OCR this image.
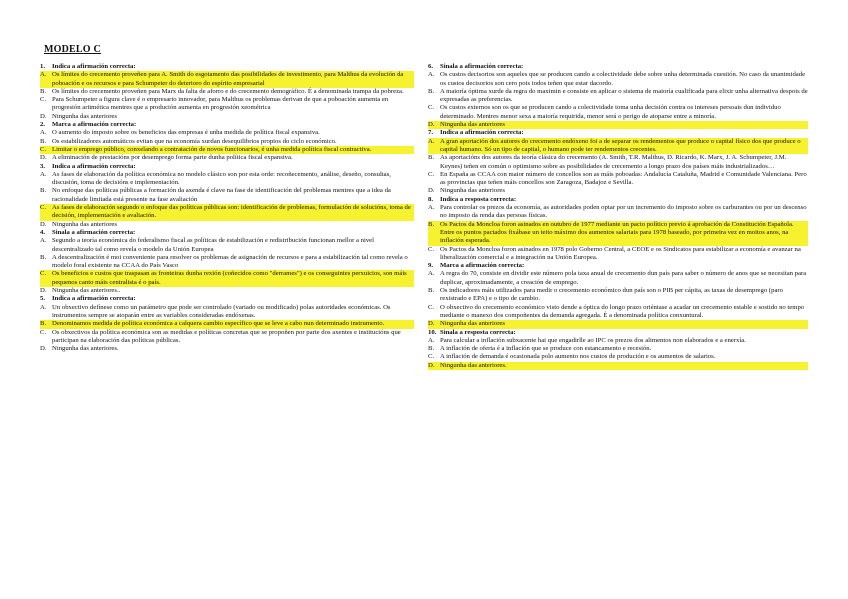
MODELO C
1.	Indica a afirmación correcta:
A. Os límites do crecemento proveñen para A. Smith do esgotamento das posibilidades de investimento, para Malthus da evolución da poboación e os recursos e para Schumpeter do deterioro do espírito empresarial
B. Os límites do crecemento proveñen para Marx da falta de aforro e do crecemento demográfico. É a denominada trampa da pobreza.
C. Para Schumpeter a figura clave é o empresario innovador, para Malthus os problemas derivan de que a poboación aumenta en progresión aritmética mentres que a produción aumenta en progresión xeométrica
D. Ningunha das anteriores
2.	Marca a afirmación correcta:
A. O aumento do imposto sobre os beneficios das empresas é unha medida de política fiscal expansiva.
B. Os estabilizadores automáticos evitan que na economía xurdan desequilibrios propios do ciclo económico.
C. Limitar o emprego público, conxelando a contratación de novos funcionarios, é unha medida política fiscal contractiva.
D. A eliminación de prestacións por desemprego forma parte dunha política fiscal expansiva.
3.	Indica a afirmación correcta:
A. As fases de elaboración da política económica no modelo clásico son por esta orde: recoñecemento, análise, deseño, consultas, discusión, toma de decisións e implementación.
B. No enfoque das políticas públicas a formación da axenda é clave na fase de identificación del problemas mentres que a idea da racionalidade limitada está presente na fase avaliación
C. As fases de elaboración segundo o enfoque das políticas públicas son: identificación de problemas, formulación de solucións, toma de decisión, implementación e avaliación.
D. Ningunha das anteriores
4.	Sinala a afirmación correcta:
A. Segundo a teoría económica do federalismo fiscal as políticas de estabilización e redistribución funcionan mellor a nivel descentralizado tal como revela o modelo da Unión Europea
B. A descentralización é moi conveniente para resolver os problemas de asignación de recursos e para a estabilización tal como revela o modelo foral existente na CCAA do País Vasco
C. Os beneficios e custos que traspasan as fronteiras dunha rexión (coñecidos como "derrames") e os conseguintes perxuicios, son máis pequenos canto máis centralista é o país.
D. Ningunha das anteriores..
5.	Indica a afirmación correcta:
A. Un obxectivo defínese como un parámetro que pode ser controlado (variado ou modificado) polas autoridades económicas. Os instrumentos sempre se atoparán entre as variables consideradas endóxenas.
B. Denominamos medida de política económica a calquera cambio específico que se leve a cabo nun determinado instrumento.
C. Os obxectivos da política económica son as medidas e políticas concretas que se propoñen por parte dos axentes e institucións que participan na elaboración das políticas públicas.
D. Ningunha das anteriores.
6.	Sinala a afirmación correcta:
A. Os custos decisorios son aqueles que se producen cando a colectividade debe sobre unha determinada cuestión. No caso da unanimidade os custos decisorios son cero pois todos teñen que estar dacordo.
B. A maioría óptima xurde da regra do maximin e consiste en aplicar o sistema de maioría cualificada para elixir unha alternativa despois de expresadas as preferencias.
C. Os custos externos son os que se producen cando a colectividade toma unha decisión contra os intereses persoais dun individuo determinado. Mentres menor sexa a maioría requirida, menor será o perigo de atoparse entre a minoría.
D. Ningunha das anteriores
7.	Indica a afirmación correcta:
A. A gran aportación dos autores do crecemento endóxeno foi a de separar os rendementos que produce o capital físico dos que produce o capital humano. Só un tipo de capital, o humano pode ter rendementos crecentes.
B. As aportacións dos autores da teoría clásica do crecemento (A. Smith, T.R. Malthus, D. Ricardo, K. Marx, J. A. Schumpeter, J.M. Keynes) teñen en común o optimismo sobre as posibilidades de crecemento a longo prazo dos países máis industrializados…
C. En España as CCAA con maior número de concellos son as máis poboadas: Andalucía Cataluña, Madrid e Comunidade Valenciana. Pero as provincias que teñen máis concellos son Zaragoza, Badajoz e Sevilla.
D. Ningunha das anteriores
8.	Indica a resposta correcta:
A. Para controlar os prezos da economía, as autoridades poden optar por un incremento do imposto sobre os carburantes ou por un descenso no imposto da renda das persoas físicas.
B. Os Pactos da Moncloa foron asinados en outubro de 1977 mediante un pacto político previo á aprobación da Constitución Española. Entre os puntos pactados fixábase un teito máximo dos aumentos salariais para 1978 baseado, por primeira vez en moitos anos, na inflación esperada.
C. Os Pactos da Moncloa foron asinados en 1978 polo Goberno Central, a CEOE e os Sindicatos para estabilizar a economía e avanzar na liberalización comercial e a integración na Unión Europea.
9.	Marca a afirmación correcta:
A. A regra do 70, consiste en dividir este número pola taxa anual de crecemento dun país para saber o número de anos que se necesitan para duplicar, aproximadamente, a creación de emprego.
B. Os indicadores máis utilizados para medir o crecemento económico dun país son o PIB per cápita, as taxas de desemprego (paro rexistrado e EPA) e o tipo de cambio.
C. O obxectivo do crecemento económico visto dende a óptica do longo prazo oriéntase a acadar un crecemento estable e sostido no tempo mediante o manexo dos compoñentes da demanda agregada. É a denominada política conxuntural.
D. Ningunha das anteriores
10. Sinala a resposta correcta:
A. Para calcular a inflación subxacente hai que engadirlle ao IPC os prezos dos alimentos non elaborados e a enerxía.
B. A inflación de oferta é a inflación que se produce con estancamento e recesión.
C. A inflación de demanda é ocasionada polo aumento nos custos de produción e os aumentos de salarios.
D. Ningunha das anteriores.
